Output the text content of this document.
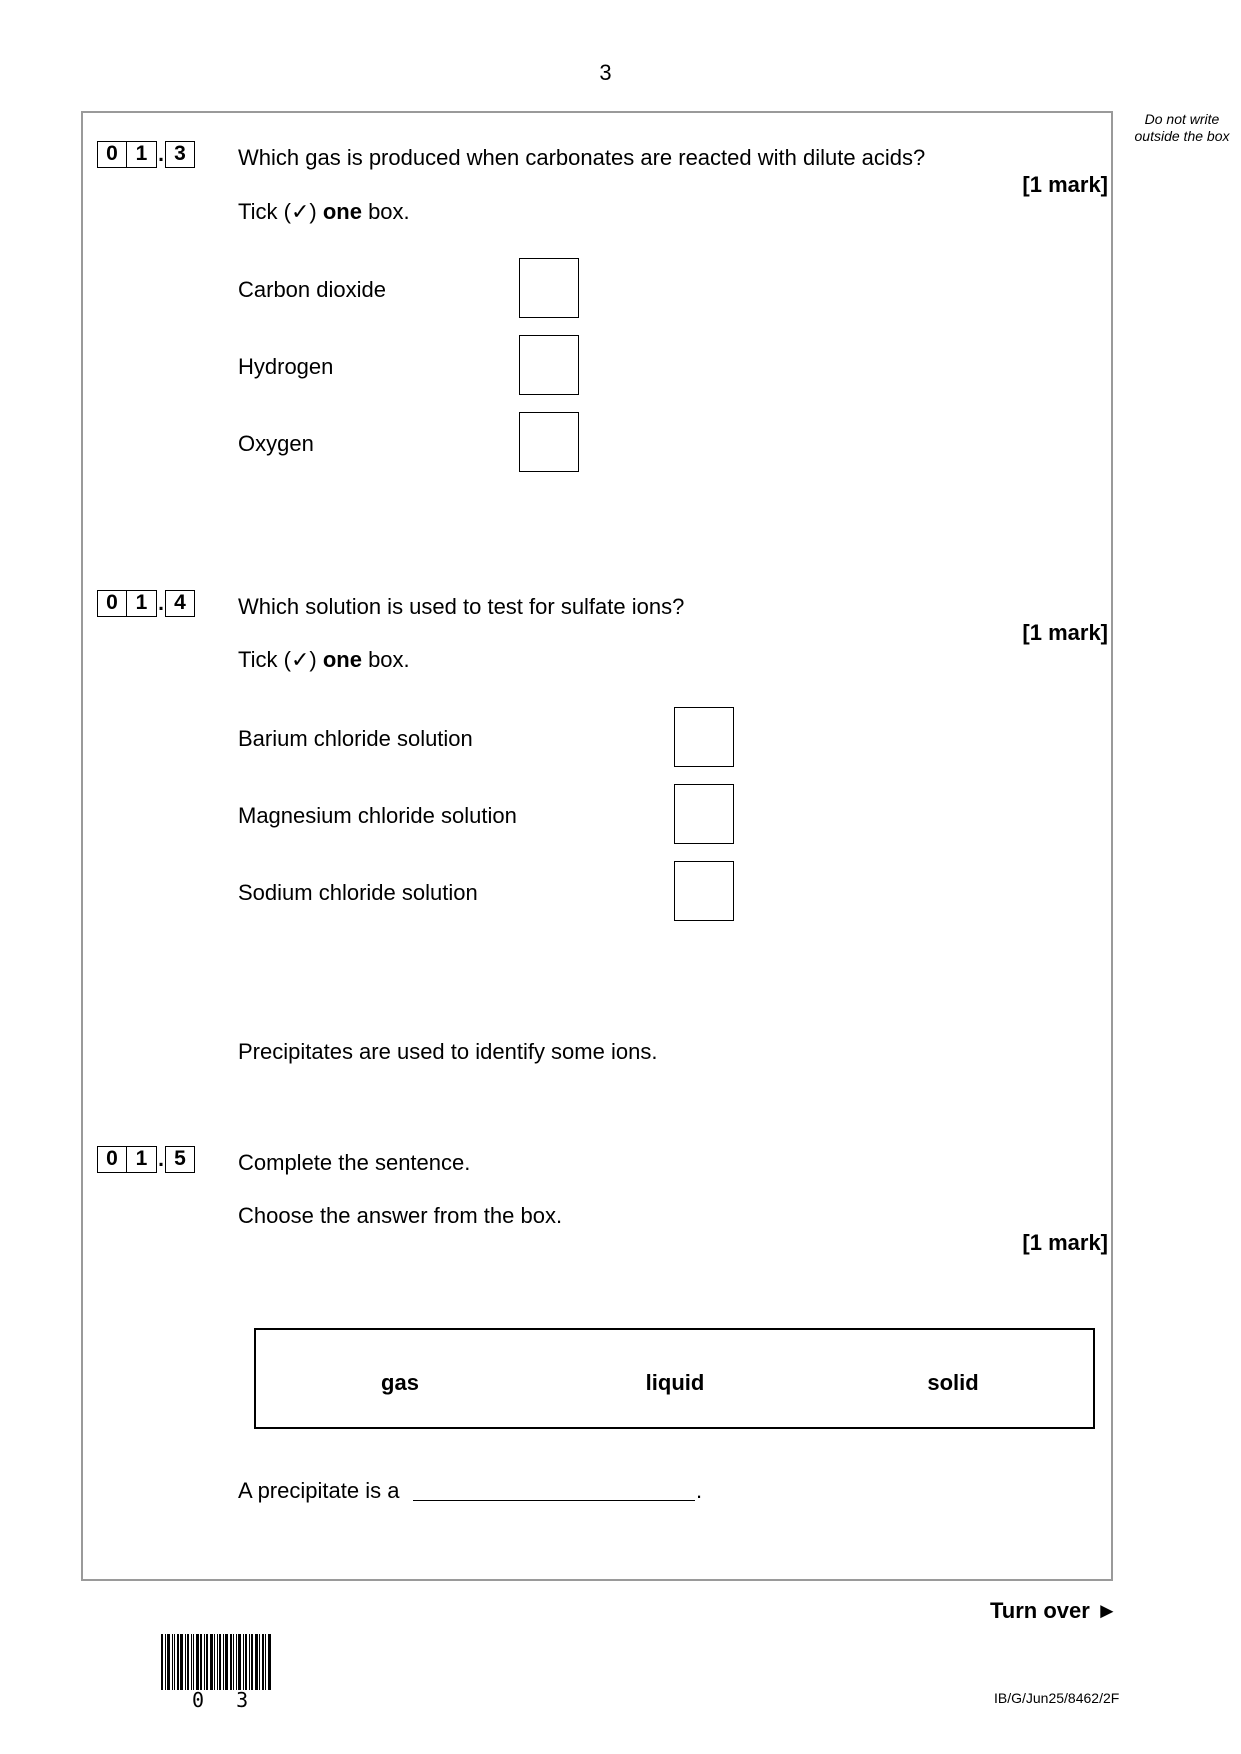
3
Do not write outside the box
0 1 . 3	Which gas is produced when carbonates are reacted with dilute acids?
[1 mark]
Tick (✓) one box.
Carbon dioxide
Hydrogen
Oxygen
0 1 . 4	Which solution is used to test for sulfate ions?
[1 mark]
Tick (✓) one box.
Barium chloride solution
Magnesium chloride solution
Sodium chloride solution
Precipitates are used to identify some ions.
0 1 . 5	Complete the sentence.
Choose the answer from the box.
[1 mark]
gas	liquid	solid
A precipitate is a	.
Turn over ►
0 3	IB/G/Jun25/8462/2F
